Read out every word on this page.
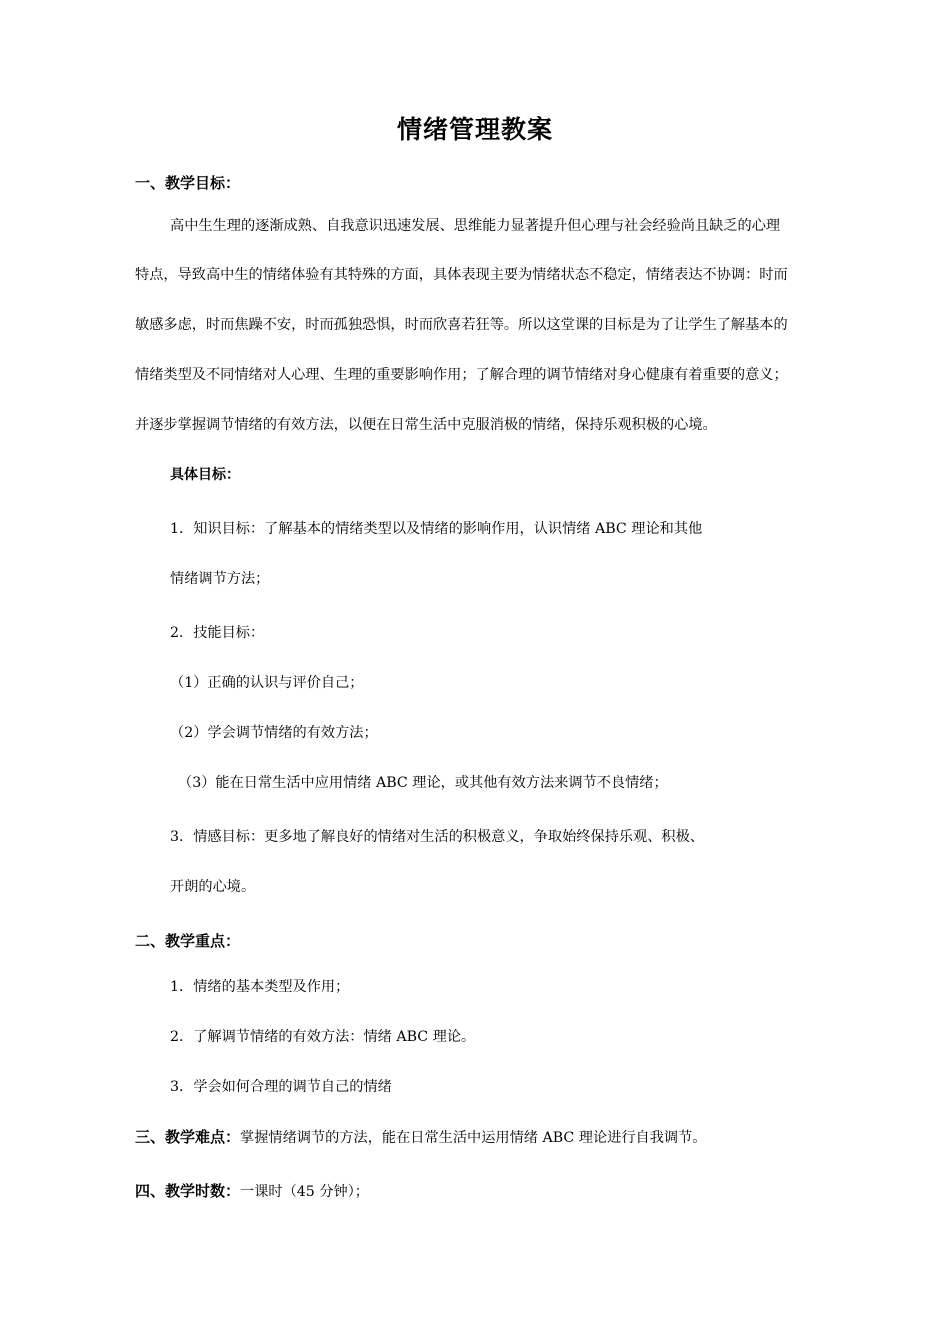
情绪管理教案
一、教学目标：
高中生生理的逐渐成熟、自我意识迅速发展、思维能力显著提升但心理与社会经验尚且缺乏的心理
特点，导致高中生的情绪体验有其特殊的方面，具体表现主要为情绪状态不稳定，情绪表达不协调：时而
敏感多虑，时而焦躁不安，时而孤独恐惧，时而欣喜若狂等。所以这堂课的目标是为了让学生了解基本的
情绪类型及不同情绪对人心理、生理的重要影响作用；了解合理的调节情绪对身心健康有着重要的意义；
并逐步掌握调节情绪的有效方法，以便在日常生活中克服消极的情绪，保持乐观积极的心境。
具体目标：
1．知识目标：了解基本的情绪类型以及情绪的影响作用，认识情绪 ABC 理论和其他
情绪调节方法；
2．技能目标：
（1）正确的认识与评价自己；
（2）学会调节情绪的有效方法；
（3）能在日常生活中应用情绪 ABC 理论，或其他有效方法来调节不良情绪；
3．情感目标：更多地了解良好的情绪对生活的积极意义，争取始终保持乐观、积极、
开朗的心境。
二、教学重点：
1．情绪的基本类型及作用；
2．了解调节情绪的有效方法：情绪 ABC 理论。
3．学会如何合理的调节自己的情绪
三、教学难点：掌握情绪调节的方法，能在日常生活中运用情绪 ABC 理论进行自我调节。
四、教学时数：一课时（45 分钟）；
